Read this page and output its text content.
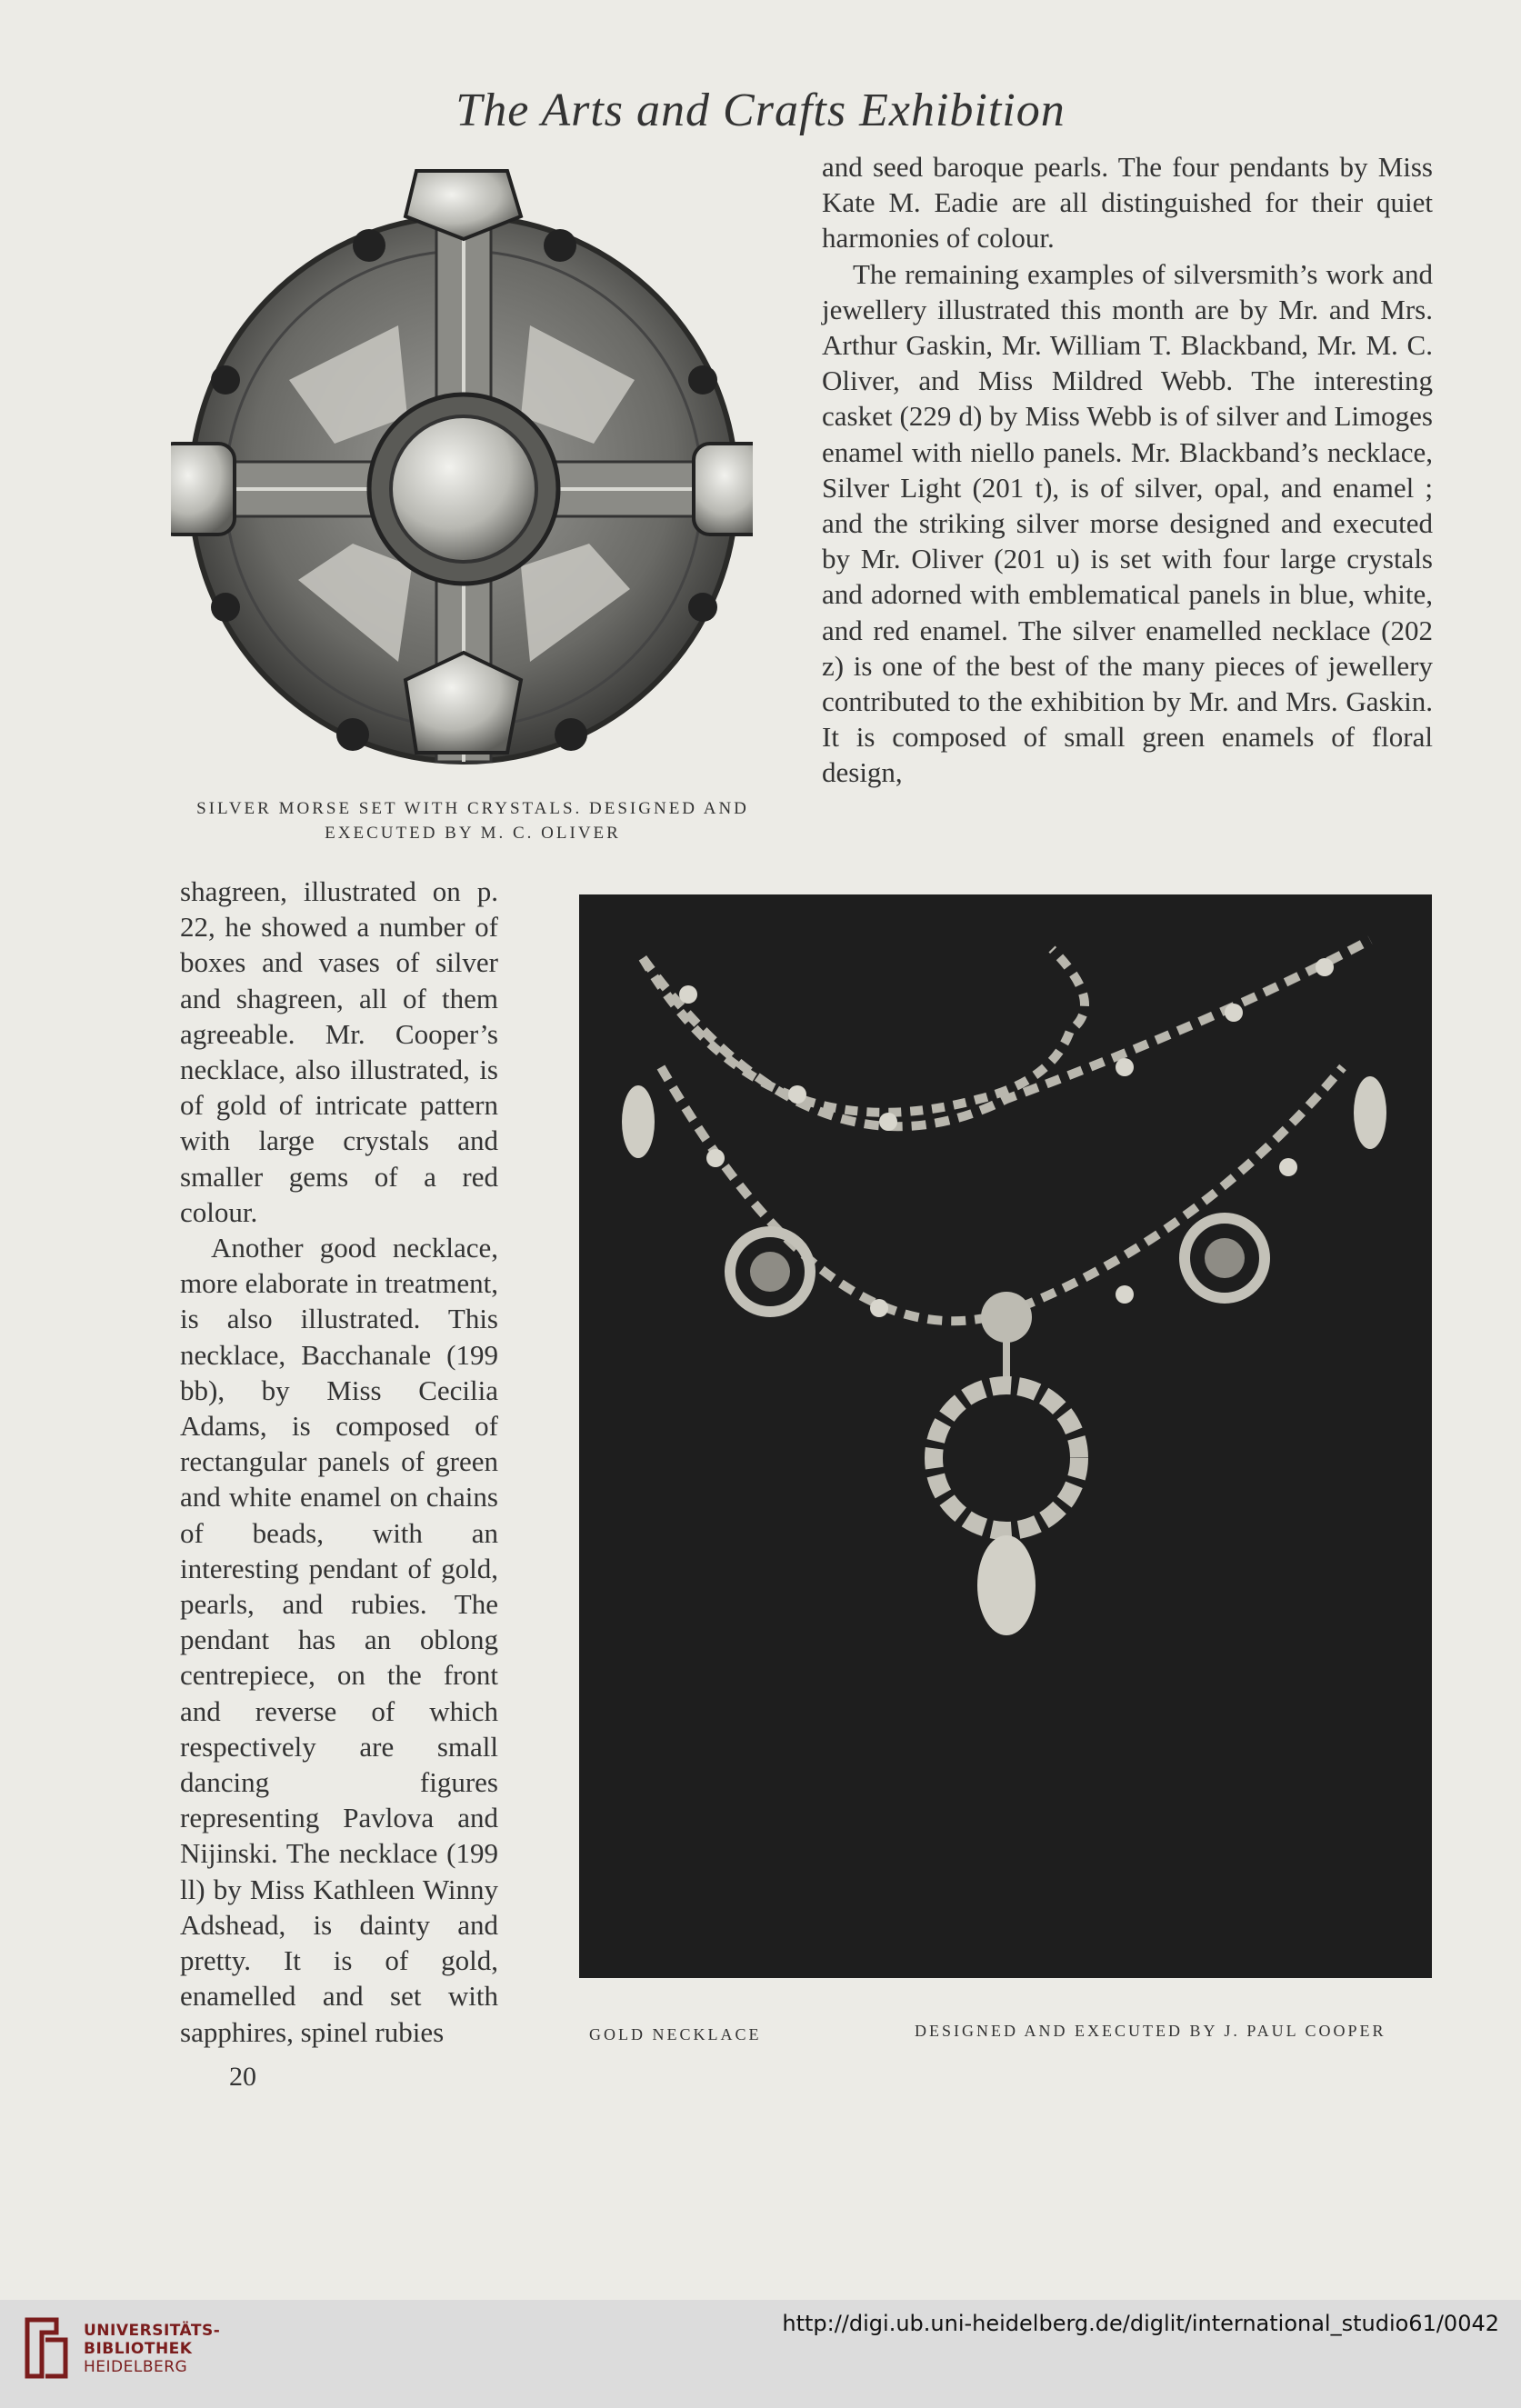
The Arts and Crafts Exhibition
SILVER MORSE SET WITH CRYSTALS. DESIGNED AND EXECUTED BY M. C. OLIVER

and seed baroque pearls. The four pendants by Miss Kate M. Eadie are all distinguished for their quiet harmonies of colour.

The remaining examples of silversmith’s work and jewellery illustrated this month are by Mr. and Mrs. Arthur Gaskin, Mr. William T. Blackband, Mr. M. C. Oliver, and Miss Mildred Webb. The interesting casket (229 d) by Miss Webb is of silver and Limoges enamel with niello panels. Mr. Blackband’s necklace, Silver Light (201 t), is of silver, opal, and enamel ; and the striking silver morse designed and executed by Mr. Oliver (201 u) is set with four large crystals and adorned with emblematical panels in blue, white, and red enamel. The silver enamelled necklace (202 z) is one of the best of the many pieces of jewellery contributed to the exhibition by Mr. and Mrs. Gaskin. It is composed of small green enamels of floral design,

shagreen, illustrated on p. 22, he showed a number of boxes and vases of silver and shagreen, all of them agreeable. Mr. Cooper’s necklace, also illustrated, is of gold of intricate pattern with large crystals and smaller gems of a red colour.

Another good necklace, more elaborate in treatment, is also illustrated. This necklace, Bacchanale (199 bb), by Miss Cecilia Adams, is composed of rectangular panels of green and white enamel on chains of beads, with an interesting pendant of gold, pearls, and rubies. The pendant has an oblong centrepiece, on the front and reverse of which respectively are small dancing figures representing Pavlova and Nijinski. The necklace (199 ll) by Miss Kathleen Winny Adshead, is dainty and pretty. It is of gold, enamelled and set with sapphires, spinel rubies	GOLD NECKLACE	DESIGNED AND EXECUTED BY J. PAUL COOPER
20
UNIVERSITÄTS-
BIBLIOTHEK
HEIDELBERG
http://digi.ub.uni-heidelberg.de/diglit/international_studio61/0042
